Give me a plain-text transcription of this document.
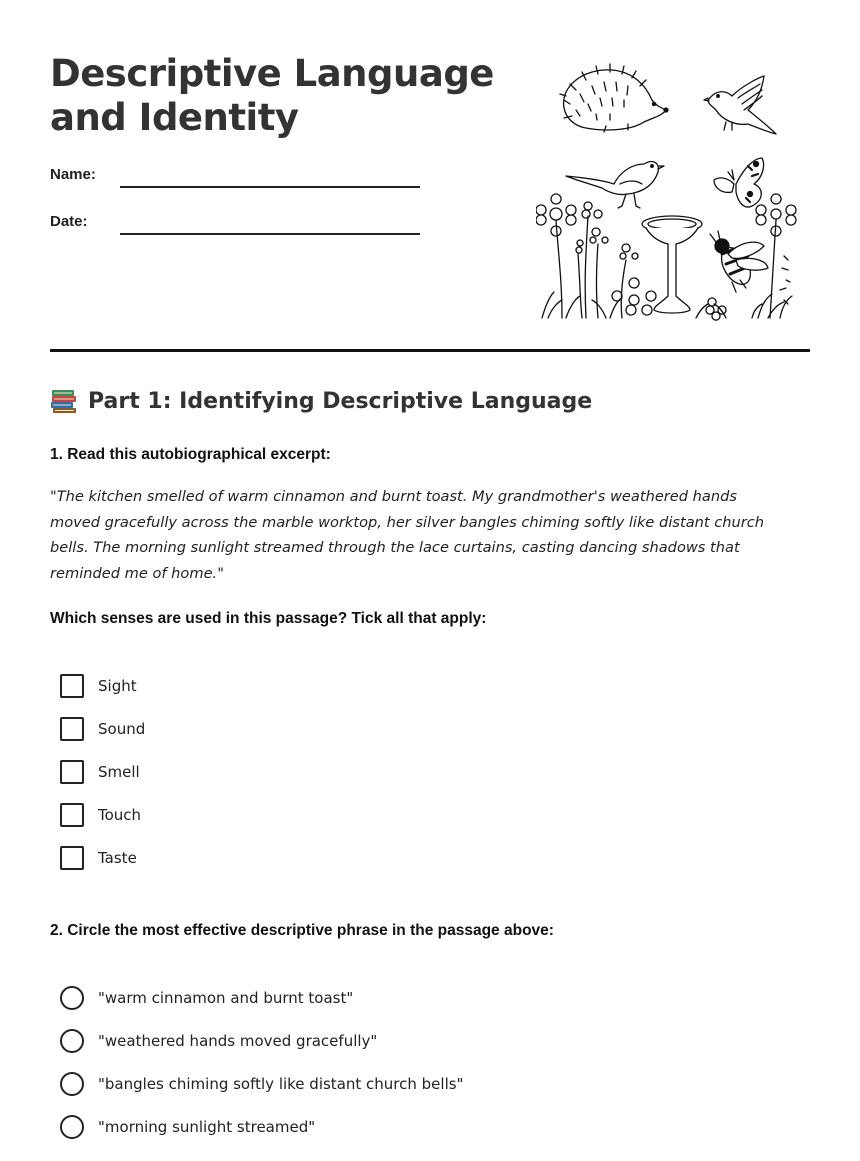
Descriptive Language
and Identity
Name:
Date:
Part 1: Identifying Descriptive Language
1. Read this autobiographical excerpt:

"The kitchen smelled of warm cinnamon and burnt toast. My grandmother's weathered hands moved gracefully across the marble worktop, her silver bangles chiming softly like distant church bells. The morning sunlight streamed through the lace curtains, casting dancing shadows that reminded me of home."

Which senses are used in this passage? Tick all that apply:
Sight
Sound
Smell
Touch
Taste
2. Circle the most effective descriptive phrase in the passage above:
"warm cinnamon and burnt toast"
"weathered hands moved gracefully"
"bangles chiming softly like distant church bells"
"morning sunlight streamed"
